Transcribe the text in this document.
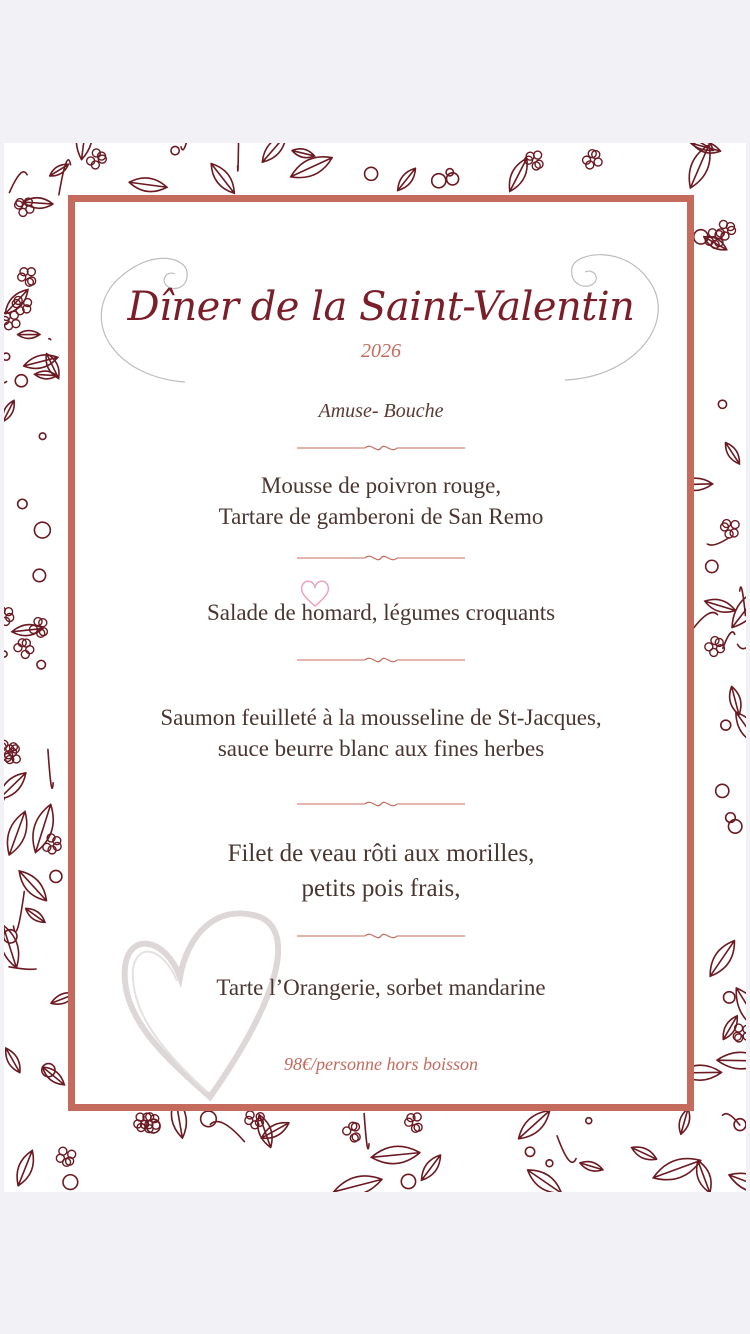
Dîner de la Saint-Valentin
2026
Amuse- Bouche
Mousse de poivron rouge,
Tartare de gamberoni de San Remo
Salade de homard, légumes croquants
Saumon feuilleté à la mousseline de St-Jacques,
sauce beurre blanc aux fines herbes
Filet de veau rôti aux morilles,
petits pois frais,
Tarte l’Orangerie, sorbet mandarine
98€/personne hors boisson
